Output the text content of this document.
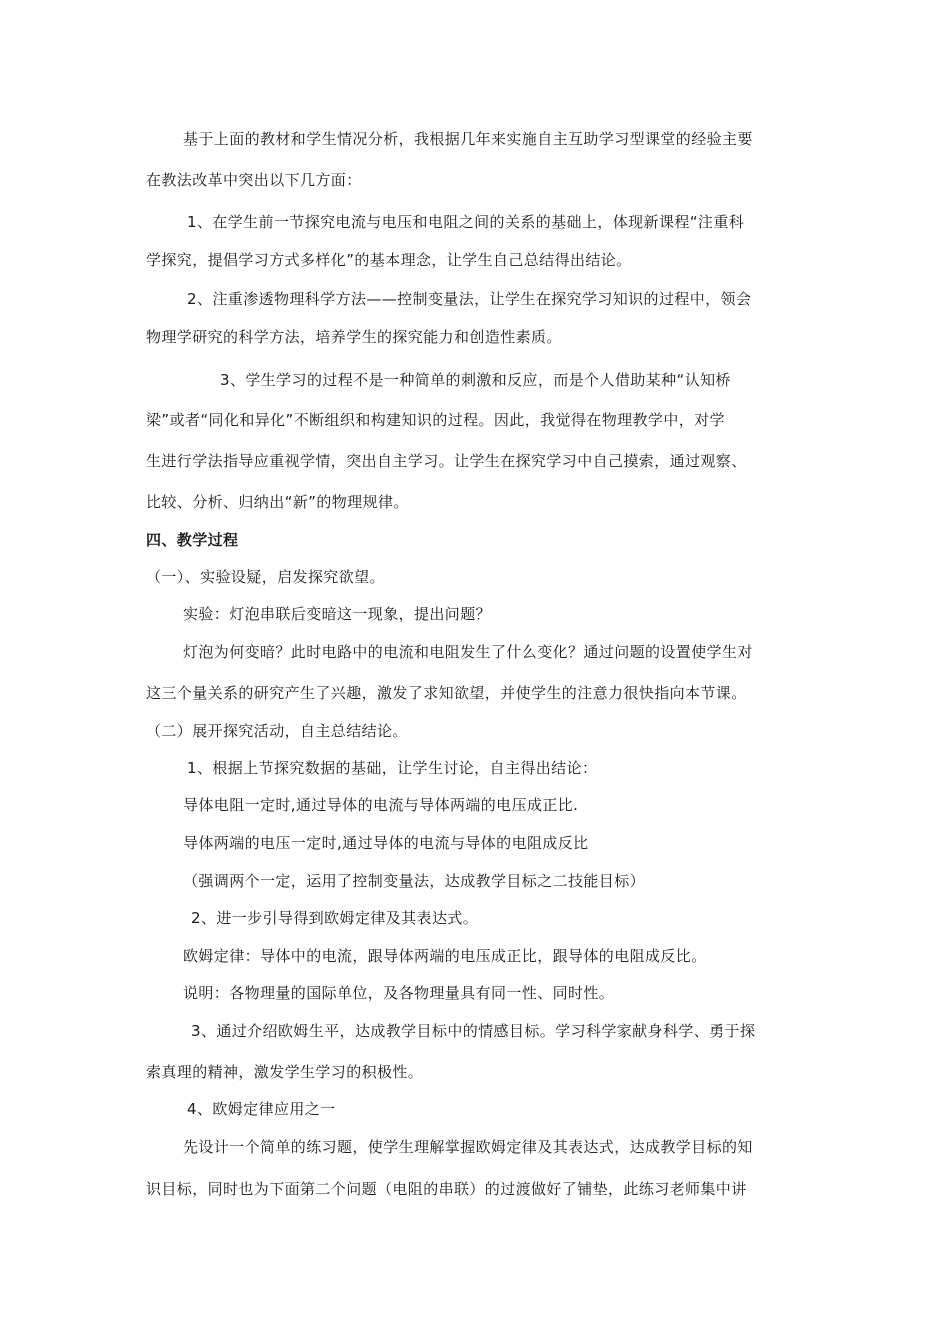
基于上面的教材和学生情况分析，我根据几年来实施自主互助学习型课堂的经验主要
在教法改革中突出以下几方面：
1、在学生前一节探究电流与电压和电阻之间的关系的基础上，体现新课程“注重科
学探究，提倡学习方式多样化”的基本理念，让学生自己总结得出结论。
2、注重渗透物理科学方法——控制变量法，让学生在探究学习知识的过程中，领会
物理学研究的科学方法，培养学生的探究能力和创造性素质。
3、学生学习的过程不是一种简单的刺激和反应，而是个人借助某种“认知桥
梁”或者“同化和异化”不断组织和构建知识的过程。因此，我觉得在物理教学中，对学
生进行学法指导应重视学情，突出自主学习。让学生在探究学习中自己摸索，通过观察、
比较、分析、归纳出“新”的物理规律。
四、教学过程
（一）、实验设疑，启发探究欲望。
实验：灯泡串联后变暗这一现象，提出问题？
灯泡为何变暗？此时电路中的电流和电阻发生了什么变化？通过问题的设置使学生对
这三个量关系的研究产生了兴趣，激发了求知欲望，并使学生的注意力很快指向本节课。
（二）展开探究活动，自主总结结论。
1、根据上节探究数据的基础，让学生讨论，自主得出结论：
导体电阻一定时,通过导体的电流与导体两端的电压成正比.
导体两端的电压一定时,通过导体的电流与导体的电阻成反比
（强调两个一定，运用了控制变量法，达成教学目标之二技能目标）
2、进一步引导得到欧姆定律及其表达式。
欧姆定律：导体中的电流，跟导体两端的电压成正比，跟导体的电阻成反比。
说明：各物理量的国际单位，及各物理量具有同一性、同时性。
3、通过介绍欧姆生平，达成教学目标中的情感目标。学习科学家献身科学、勇于探
索真理的精神，激发学生学习的积极性。
4、欧姆定律应用之一
先设计一个简单的练习题，使学生理解掌握欧姆定律及其表达式，达成教学目标的知
识目标，同时也为下面第二个问题（电阻的串联）的过渡做好了铺垫，此练习老师集中讲
